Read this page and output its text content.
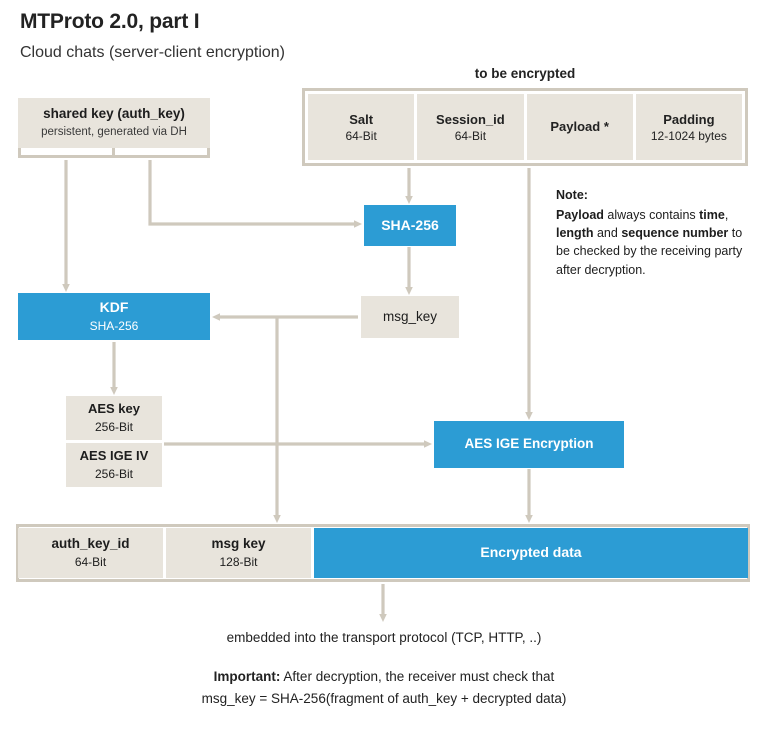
MTProto 2.0, part I
Cloud chats (server-client encryption)
shared key (auth_key)
persistent, generated via DH
to be encrypted
Salt
64-Bit
Session_id
64-Bit
Payload *	Padding
12-1024 bytes
SHA-256
msg_key
KDF
SHA-256
AES key
256-Bit
AES IGE IV
256-Bit
AES IGE Encryption
auth_key_id
64-Bit
msg key
128-Bit
Encrypted data
Note:
Payload always contains time, length and sequence number to be checked by the receiving party after decryption.
embedded into the transport protocol (TCP, HTTP, ..)
Important: After decryption, the receiver must check that
msg_key = SHA-256(fragment of auth_key + decrypted data)
